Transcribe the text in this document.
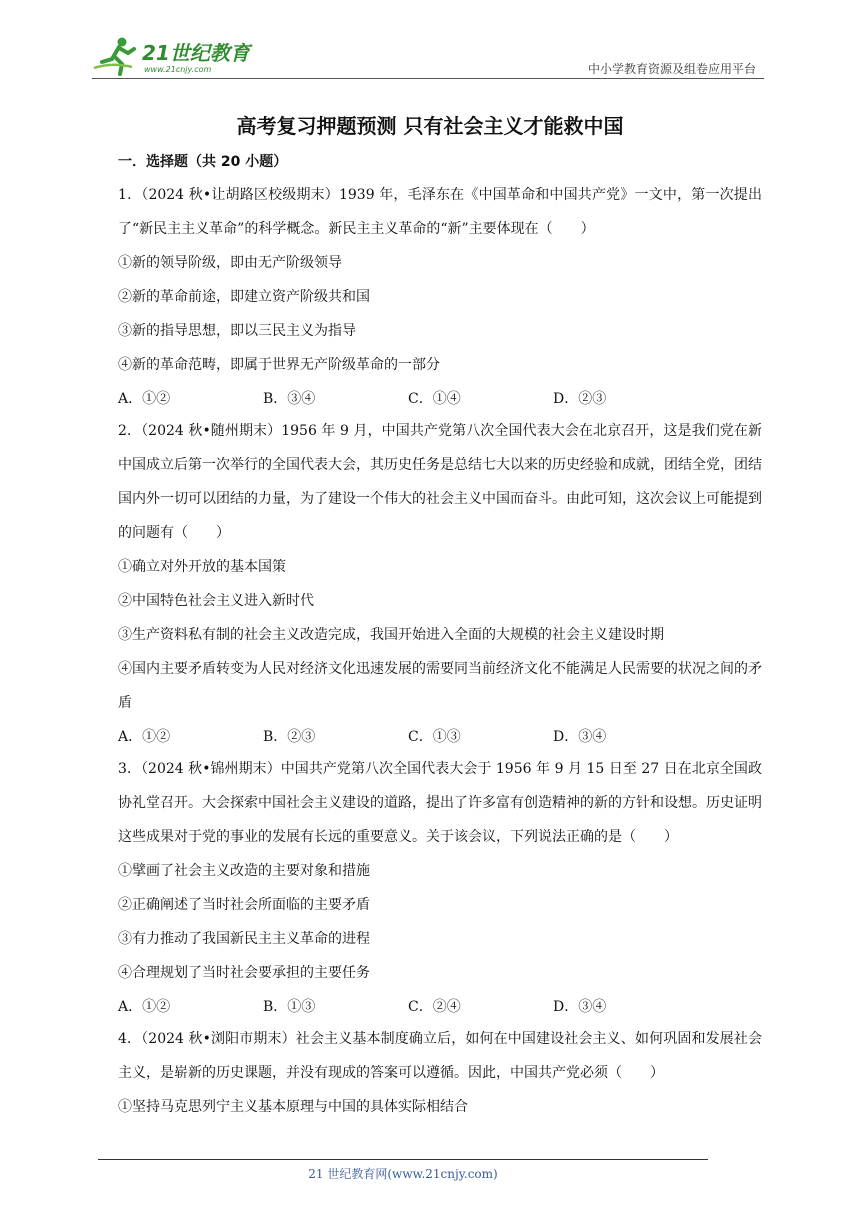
21世纪教育
www.21cnjy.com	中小学教育资源及组卷应用平台
高考复习押题预测 只有社会主义才能救中国
一．选择题（共 20 小题）
1．（2024 秋•让胡路区校级期末）1939 年，毛泽东在《中国革命和中国共产党》一文中，第一次提出了“新民主主义革命”的科学概念。新民主主义革命的“新”主要体现在（　　）
①新的领导阶级，即由无产阶级领导
②新的革命前途，即建立资产阶级共和国
③新的指导思想，即以三民主义为指导
④新的革命范畴，即属于世界无产阶级革命的一部分
A．①②	B．③④	C．①④	D．②③
2．（2024 秋•随州期末）1956 年 9 月，中国共产党第八次全国代表大会在北京召开，这是我们党在新中国成立后第一次举行的全国代表大会，其历史任务是总结七大以来的历史经验和成就，团结全党，团结国内外一切可以团结的力量，为了建设一个伟大的社会主义中国而奋斗。由此可知，这次会议上可能提到的问题有（　　）
①确立对外开放的基本国策
②中国特色社会主义进入新时代
③生产资料私有制的社会主义改造完成，我国开始进入全面的大规模的社会主义建设时期
④国内主要矛盾转变为人民对经济文化迅速发展的需要同当前经济文化不能满足人民需要的状况之间的矛盾
A．①②	B．②③	C．①③	D．③④
3．（2024 秋•锦州期末）中国共产党第八次全国代表大会于 1956 年 9 月 15 日至 27 日在北京全国政协礼堂召开。大会探索中国社会主义建设的道路，提出了许多富有创造精神的新的方针和设想。历史证明这些成果对于党的事业的发展有长远的重要意义。关于该会议，下列说法正确的是（　　）
①擘画了社会主义改造的主要对象和措施
②正确阐述了当时社会所面临的主要矛盾
③有力推动了我国新民主主义革命的进程
④合理规划了当时社会要承担的主要任务
A．①②	B．①③	C．②④	D．③④
4．（2024 秋•浏阳市期末）社会主义基本制度确立后，如何在中国建设社会主义、如何巩固和发展社会主义，是崭新的历史课题，并没有现成的答案可以遵循。因此，中国共产党必须（　　）
①坚持马克思列宁主义基本原理与中国的具体实际相结合
21 世纪教育网(www.21cnjy.com)
